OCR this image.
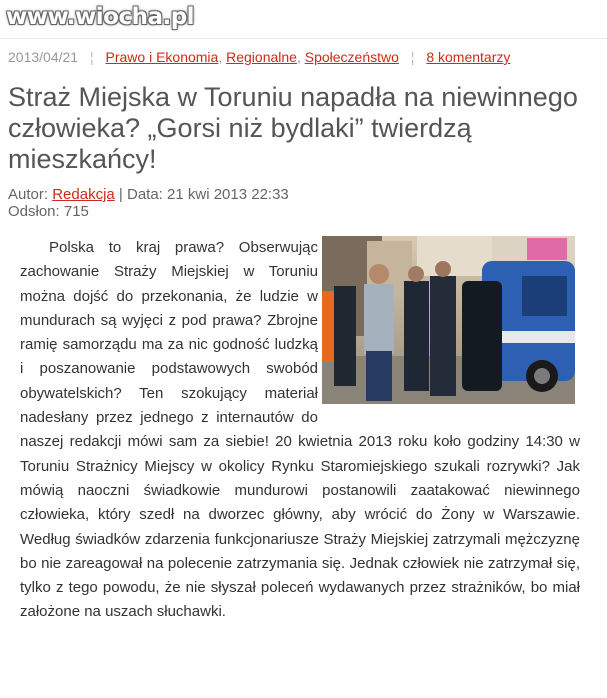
www.wiocha.pl
2013/04/21 ¦ Prawo i Ekonomia, Regionalne, Społeczeństwo ¦ 8 komentarzy
Straż Miejska w Toruniu napadła na niewinnego człowieka? „Gorsi niż bydlaki” twierdzą mieszkańcy!
Autor: Redakcja | Data: 21 kwi 2013 22:33
Odsłon: 715

Polska to kraj prawa? Obserwując zachowanie Straży Miejskiej w Toruniu można dojść do przekonania, że ludzie w mundurach są wyjęci z pod prawa? Zbrojne ramię samorządu ma za nic godność ludzką i poszanowanie podstawowych swobód obywatelskich? Ten szokujący materiał nadesłany przez jednego z internautów do naszej redakcji mówi sam za siebie! 20 kwietnia 2013 roku koło godziny 14:30 w Toruniu Strażnicy Miejscy w okolicy Rynku Staromiejskiego szukali rozrywki? Jak mówią naoczni świadkowie mundurowi postanowili zaatakować niewinnego człowieka, który szedł na dworzec główny, aby wrócić do Żony w Warszawie. Według świadków zdarzenia funkcjonariusze Straży Miejskiej zatrzymali mężczyznę bo nie zareagował na polecenie zatrzymania się. Jednak człowiek nie zatrzymał się, tylko z tego powodu, że nie słyszał poleceń wydawanych przez strażników, bo miał założone na uszach słuchawki.
